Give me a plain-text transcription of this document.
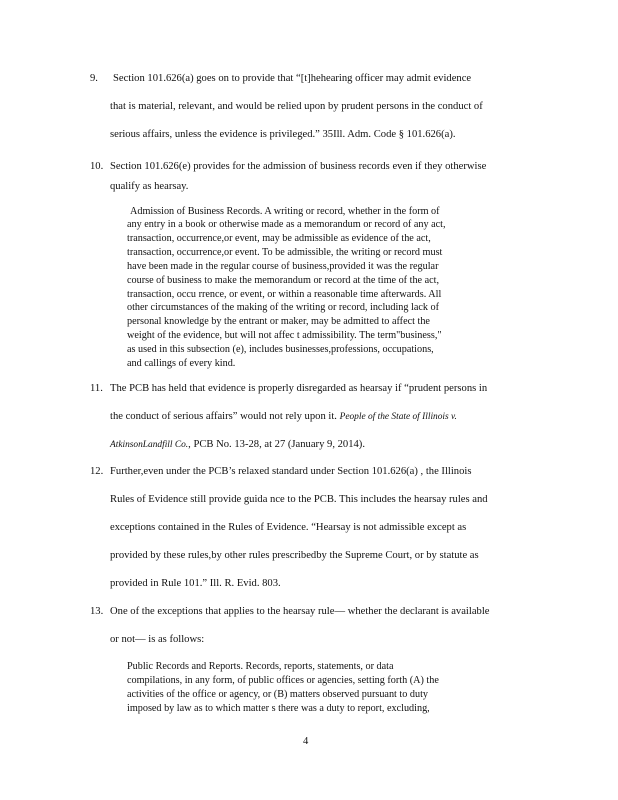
9. Section 101.626(a) goes on to provide that “[t]hehearing officer may admit evidence
that is material, relevant, and would be relied upon by prudent persons in the conduct of
serious affairs, unless the evidence is privileged.” 35Ill. Adm. Code § 101.626(a).
10. Section 101.626(e) provides for the admission of business records even if they otherwise
qualify as hearsay.
Admission of Business Records. A writing or record, whether in the form of
any entry in a book or otherwise made as a memorandum or record of any act,
transaction, occurrence,or event, may be admissible as evidence of the act,
transaction, occurrence,or event. To be admissible, the writing or record must
have been made in the regular course of business,provided it was the regular
course of business to make the memorandum or record at the time of the act,
transaction, occu rrence, or event, or within a reasonable time afterwards. All
other circumstances of the making of the writing or record, including lack of
personal knowledge by the entrant or maker, may be admitted to affect the
weight of the evidence, but will not affec t admissibility. The term"business,"
as used in this subsection (e), includes businesses,professions, occupations,
and callings of every kind.
11. The PCB has held that evidence is properly disregarded as hearsay if “prudent persons in
the conduct of serious affairs” would not rely upon it. People of the State of Illinois v.
AtkinsonLandfill Co., PCB No. 13-28, at 27 (January 9, 2014).
12. Further,even under the PCB’s relaxed standard under Section 101.626(a) , the Illinois
Rules of Evidence still provide guida nce to the PCB. This includes the hearsay rules and
exceptions contained in the Rules of Evidence. “Hearsay is not admissible except as
provided by these rules,by other rules prescribedby the Supreme Court, or by statute as
provided in Rule 101.” Ill. R. Evid. 803.
13. One of the exceptions that applies to the hearsay rule— whether the declarant is available
or not— is as follows:
Public Records and Reports. Records, reports, statements, or data
compilations, in any form, of public offices or agencies, setting forth (A) the
activities of the office or agency, or (B) matters observed pursuant to duty
imposed by law as to which matter s there was a duty to report, excluding,
4
